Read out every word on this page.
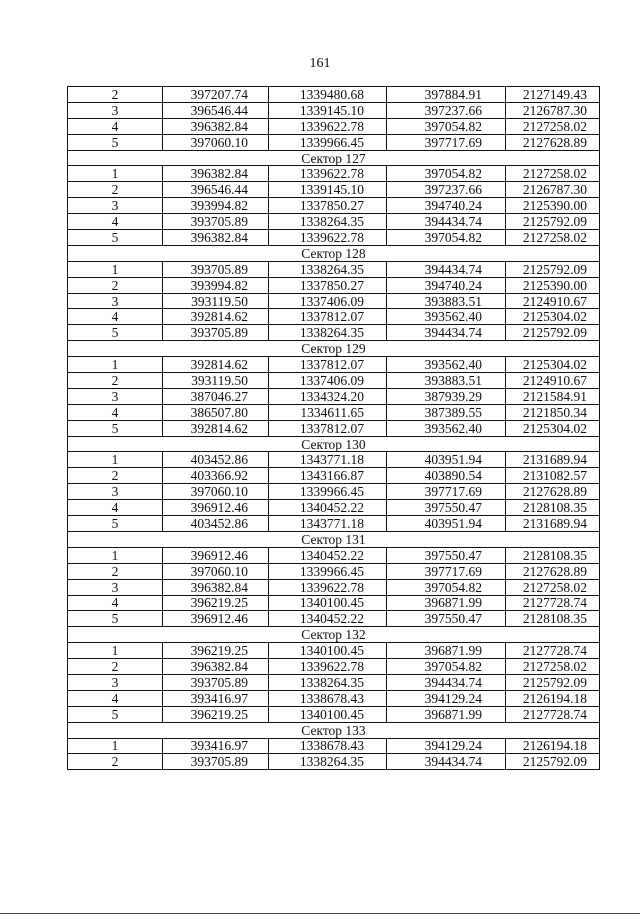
161
2	397207.74	1339480.68	397884.91	2127149.43
3	396546.44	1339145.10	397237.66	2126787.30
4	396382.84	1339622.78	397054.82	2127258.02
5	397060.10	1339966.45	397717.69	2127628.89
Сектор 127				
1	396382.84	1339622.78	397054.82	2127258.02
2	396546.44	1339145.10	397237.66	2126787.30
3	393994.82	1337850.27	394740.24	2125390.00
4	393705.89	1338264.35	394434.74	2125792.09
5	396382.84	1339622.78	397054.82	2127258.02
Сектор 128				
1	393705.89	1338264.35	394434.74	2125792.09
2	393994.82	1337850.27	394740.24	2125390.00
3	393119.50	1337406.09	393883.51	2124910.67
4	392814.62	1337812.07	393562.40	2125304.02
5	393705.89	1338264.35	394434.74	2125792.09
Сектор 129				
1	392814.62	1337812.07	393562.40	2125304.02
2	393119.50	1337406.09	393883.51	2124910.67
3	387046.27	1334324.20	387939.29	2121584.91
4	386507.80	1334611.65	387389.55	2121850.34
5	392814.62	1337812.07	393562.40	2125304.02
Сектор 130				
1	403452.86	1343771.18	403951.94	2131689.94
2	403366.92	1343166.87	403890.54	2131082.57
3	397060.10	1339966.45	397717.69	2127628.89
4	396912.46	1340452.22	397550.47	2128108.35
5	403452.86	1343771.18	403951.94	2131689.94
Сектор 131				
1	396912.46	1340452.22	397550.47	2128108.35
2	397060.10	1339966.45	397717.69	2127628.89
3	396382.84	1339622.78	397054.82	2127258.02
4	396219.25	1340100.45	396871.99	2127728.74
5	396912.46	1340452.22	397550.47	2128108.35
Сектор 132				
1	396219.25	1340100.45	396871.99	2127728.74
2	396382.84	1339622.78	397054.82	2127258.02
3	393705.89	1338264.35	394434.74	2125792.09
4	393416.97	1338678.43	394129.24	2126194.18
5	396219.25	1340100.45	396871.99	2127728.74
Сектор 133				
1	393416.97	1338678.43	394129.24	2126194.18
2	393705.89	1338264.35	394434.74	2125792.09
